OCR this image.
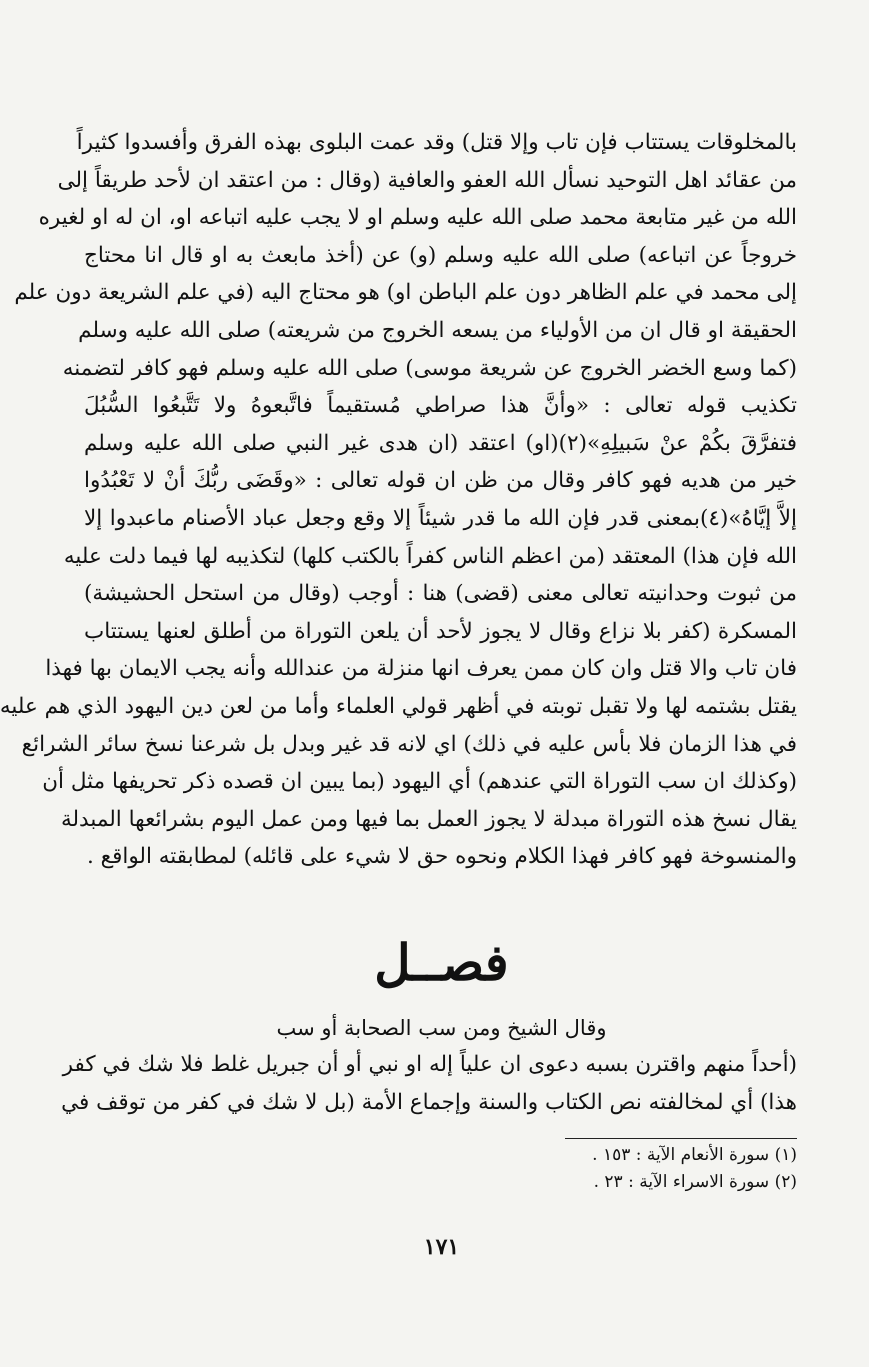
بالمخلوقات يستتاب فإن تاب وإلا قتل) وقد عمت البلوى بهذه الفرق وأفسدوا كثيراً
من عقائد اهل التوحيد نسأل الله العفو والعافية (وقال : من اعتقد ان لأحد طريقاً إلى
الله من غير متابعة محمد صلى الله عليه وسلم او لا يجب عليه اتباعه او، ان له او لغيره
خروجاً عن اتباعه) صلى الله عليه وسلم (و) عن (أخذ مابعث به او قال انا محتاج
إلى محمد في علم الظاهر دون علم الباطن او) هو محتاج اليه (في علم الشريعة دون علم
الحقيقة او قال ان من الأولياء من يسعه الخروج من شريعته) صلى الله عليه وسلم
(كما وسع الخضر الخروج عن شريعة موسى) صلى الله عليه وسلم فهو كافر لتضمنه
تكذيب قوله تعالى : «وأنَّ هذا صراطي مُستقيماً فاتَّبعوهُ ولا تَتَّبعُوا السُّبُلَ
فتفرَّقَ بكُمْ عنْ سَبيلِهِ»(٢)(او) اعتقد (ان هدى غير النبي صلى الله عليه وسلم
خير من هديه فهو كافر وقال من ظن ان قوله تعالى : «وقَضَى ربُّكَ أنْ لا تَعْبُدُوا
إلاَّ إيَّاهُ»(٤)بمعنى قدر فإن الله ما قدر شيئاً إلا وقع وجعل عباد الأصنام ماعبدوا إلا
الله فإن هذا) المعتقد (من اعظم الناس كفراً بالكتب كلها) لتكذيبه لها فيما دلت عليه
من ثبوت وحدانيته تعالى معنى (قضى) هنا : أوجب (وقال من استحل الحشيشة)
المسكرة (كفر بلا نزاع وقال لا يجوز لأحد أن يلعن التوراة من أطلق لعنها يستتاب
فان تاب والا قتل وان كان ممن يعرف انها منزلة من عندالله وأنه يجب الايمان بها فهذا
يقتل بشتمه لها ولا تقبل توبته في أظهر قولي العلماء وأما من لعن دين اليهود الذي هم عليه
في هذا الزمان فلا بأس عليه في ذلك) اي لانه قد غير وبدل بل شرعنا نسخ سائر الشرائع
(وكذلك ان سب التوراة التي عندهم) أي اليهود (بما يبين ان قصده ذكر تحريفها مثل أن
يقال نسخ هذه التوراة مبدلة لا يجوز العمل بما فيها ومن عمل اليوم بشرائعها المبدلة
والمنسوخة فهو كافر فهذا الكلام ونحوه حق لا شيء على قائله) لمطابقته الواقع .
فصــل
وقال الشيخ ومن سب الصحابة أو سب
(أحداً منهم واقترن بسبه دعوى ان علياً إله او نبي أو أن جبريل غلط فلا شك في كفر
هذا) أي لمخالفته نص الكتاب والسنة وإجماع الأمة (بل لا شك في كفر من توقف في
(١) سورة الأنعام الآية : ١٥٣ .
(٢) سورة الاسراء الآية : ٢٣ .
١٧١
